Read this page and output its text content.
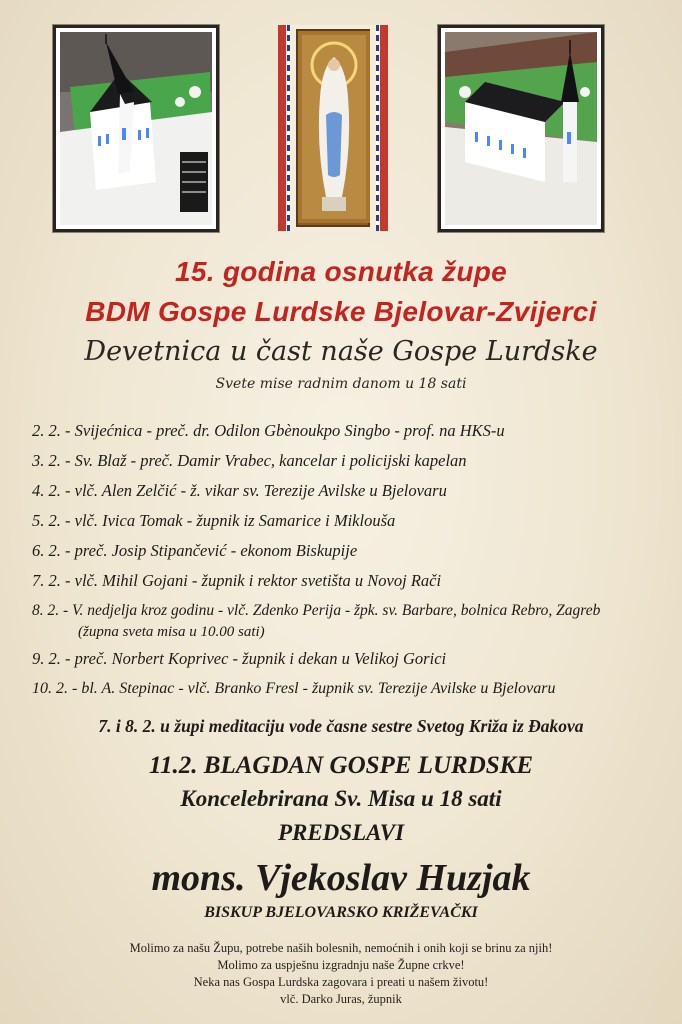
15. godina osnutka župe
BDM Gospe Lurdske Bjelovar-Zvijerci
Devetnica u čast naše Gospe Lurdske
Svete mise radnim danom u 18 sati
2. 2. - Svijećnica - preč. dr. Odilon Gbènoukpo Singbo - prof. na HKS-u
3. 2. - Sv. Blaž - preč. Damir Vrabec, kancelar i policijski kapelan
4. 2. - vlč. Alen Zelčić - ž. vikar sv. Terezije Avilske u Bjelovaru
5. 2. - vlč. Ivica Tomak - župnik iz Samarice i Miklouša
6. 2. - preč. Josip Stipančević - ekonom Biskupije
7. 2. - vlč. Mihil Gojani - župnik i rektor svetišta u Novoj Rači
8. 2. - V. nedjelja kroz godinu - vlč. Zdenko Perija - žpk. sv. Barbare, bolnica Rebro, Zagreb
(župna sveta misa u 10.00 sati)
9. 2. - preč. Norbert Koprivec - župnik i dekan u Velikoj Gorici
10. 2. - bl. A. Stepinac - vlč. Branko Fresl - župnik sv. Terezije Avilske u Bjelovaru
7. i 8. 2. u župi meditaciju vode časne sestre Svetog Križa iz Đakova
11.2. BLAGDAN GOSPE LURDSKE
Koncelebrirana Sv. Misa u 18 sati
PREDSLAVI
mons. Vjekoslav Huzjak
BISKUP BJELOVARSKO KRIŽEVAČKI
Molimo za našu Župu, potrebe naših bolesnih, nemoćnih i onih koji se brinu za njih!
Molimo za uspješnu izgradnju naše Župne crkve!
Neka nas Gospa Lurdska zagovara i preati u našem životu!
vlč. Darko Juras, župnik
